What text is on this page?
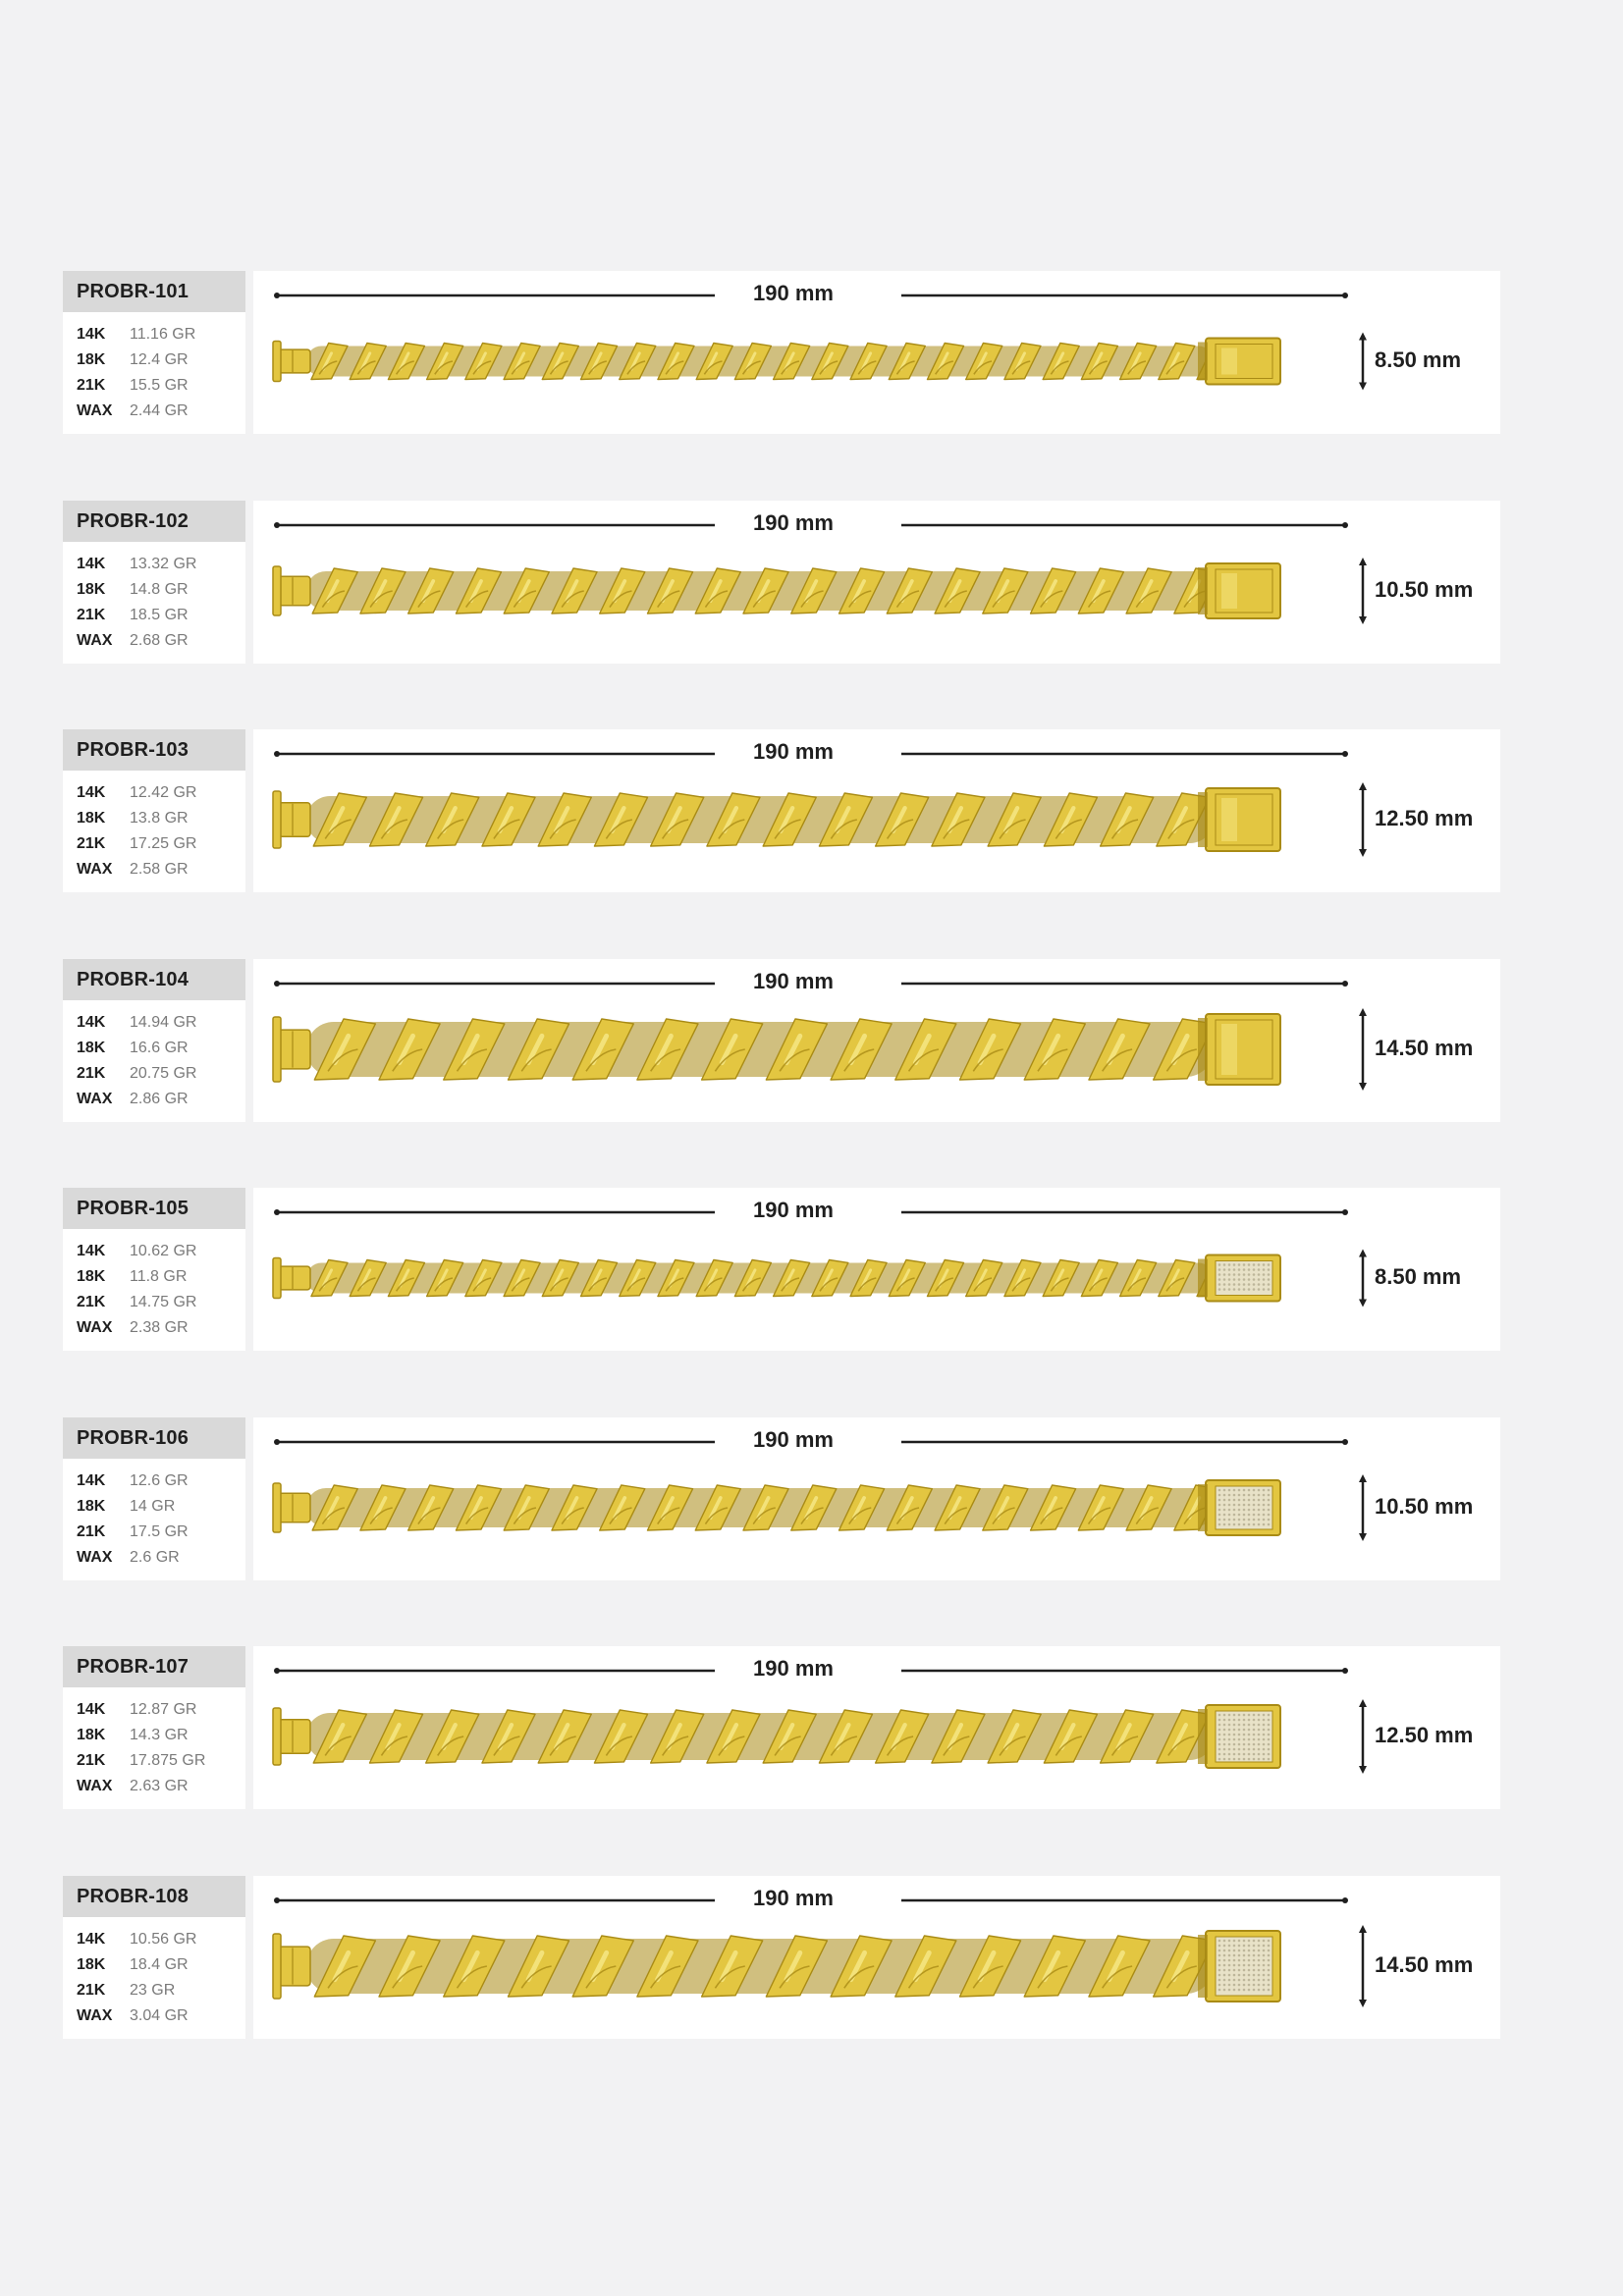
PROBR-101
14K 11.16 GR
18K 12.4 GR
21K 15.5 GR
WAX 2.44 GR
190 mm
8.50 mm
PROBR-102
14K 13.32 GR
18K 14.8 GR
21K 18.5 GR
WAX 2.68 GR
190 mm
10.50 mm
PROBR-103
14K 12.42 GR
18K 13.8 GR
21K 17.25 GR
WAX 2.58 GR
190 mm
12.50 mm
PROBR-104
14K 14.94 GR
18K 16.6 GR
21K 20.75 GR
WAX 2.86 GR
190 mm
14.50 mm
PROBR-105
14K 10.62 GR
18K 11.8 GR
21K 14.75 GR
WAX 2.38 GR
190 mm
8.50 mm
PROBR-106
14K 12.6 GR
18K 14 GR
21K 17.5 GR
WAX 2.6 GR
190 mm
10.50 mm
PROBR-107
14K 12.87 GR
18K 14.3 GR
21K 17.875 GR
WAX 2.63 GR
190 mm
12.50 mm
PROBR-108
14K 10.56 GR
18K 18.4 GR
21K 23 GR
WAX 3.04 GR
190 mm
14.50 mm
